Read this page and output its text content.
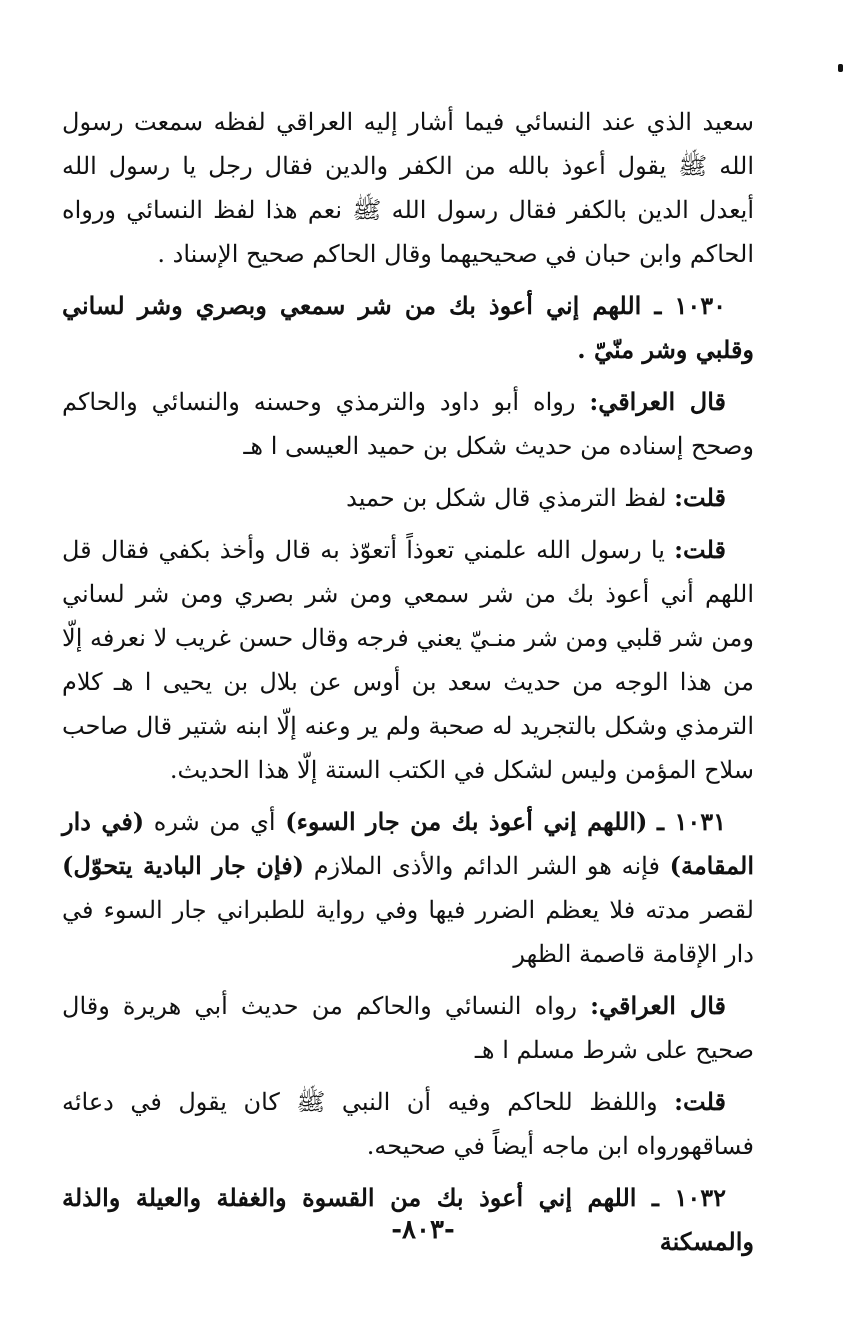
سعيد الذي عند النسائي فيما أشار إليه العراقي لفظه سمعت رسول الله ﷺ يقول أعوذ بالله من الكفر والدين فقال رجل يا رسول الله أيعدل الدين بالكفر فقال رسول الله ﷺ نعم هذا لفظ النسائي ورواه الحاكم وابن حبان في صحيحيهما وقال الحاكم صحيح الإسناد .

١٠٣٠ ـ اللهم إني أعوذ بك من شر سمعي وبصري وشر لساني وقلبي وشر منّيّ .

قال العراقي: رواه أبو داود والترمذي وحسنه والنسائي والحاكم وصحح إسناده من حديث شكل بن حميد العيسى ا هـ

قلت: لفظ الترمذي قال شكل بن حميد

قلت: يا رسول الله علمني تعوذاً أتعوّذ به قال وأخذ بكفي فقال قل اللهم أني أعوذ بك من شر سمعي ومن شر بصري ومن شر لساني ومن شر قلبي ومن شر منـيّ يعني فرجه وقال حسن غريب لا نعرفه إلّا من هذا الوجه من حديث سعد بن أوس عن بلال بن يحيى ا هـ كلام الترمذي وشكل بالتجريد له صحبة ولم ير وعنه إلّا ابنه شتير قال صاحب سلاح المؤمن وليس لشكل في الكتب الستة إلّا هذا الحديث.

١٠٣١ ـ (اللهم إني أعوذ بك من جار السوء) أي من شره (في دار المقامة) فإنه هو الشر الدائم والأذى الملازم (فإن جار البادية يتحوّل) لقصر مدته فلا يعظم الضرر فيها وفي رواية للطبراني جار السوء في دار الإقامة قاصمة الظهر

قال العراقي: رواه النسائي والحاكم من حديث أبي هريرة وقال صحيح على شرط مسلم ا هـ

قلت: واللفظ للحاكم وفيه أن النبي ﷺ كان يقول في دعائه فساقهورواه ابن ماجه أيضاً في صحيحه.

١٠٣٢ ـ اللهم إني أعوذ بك من القسوة والغفلة والعيلة والذلة والمسكنة

-٨٠٣-
